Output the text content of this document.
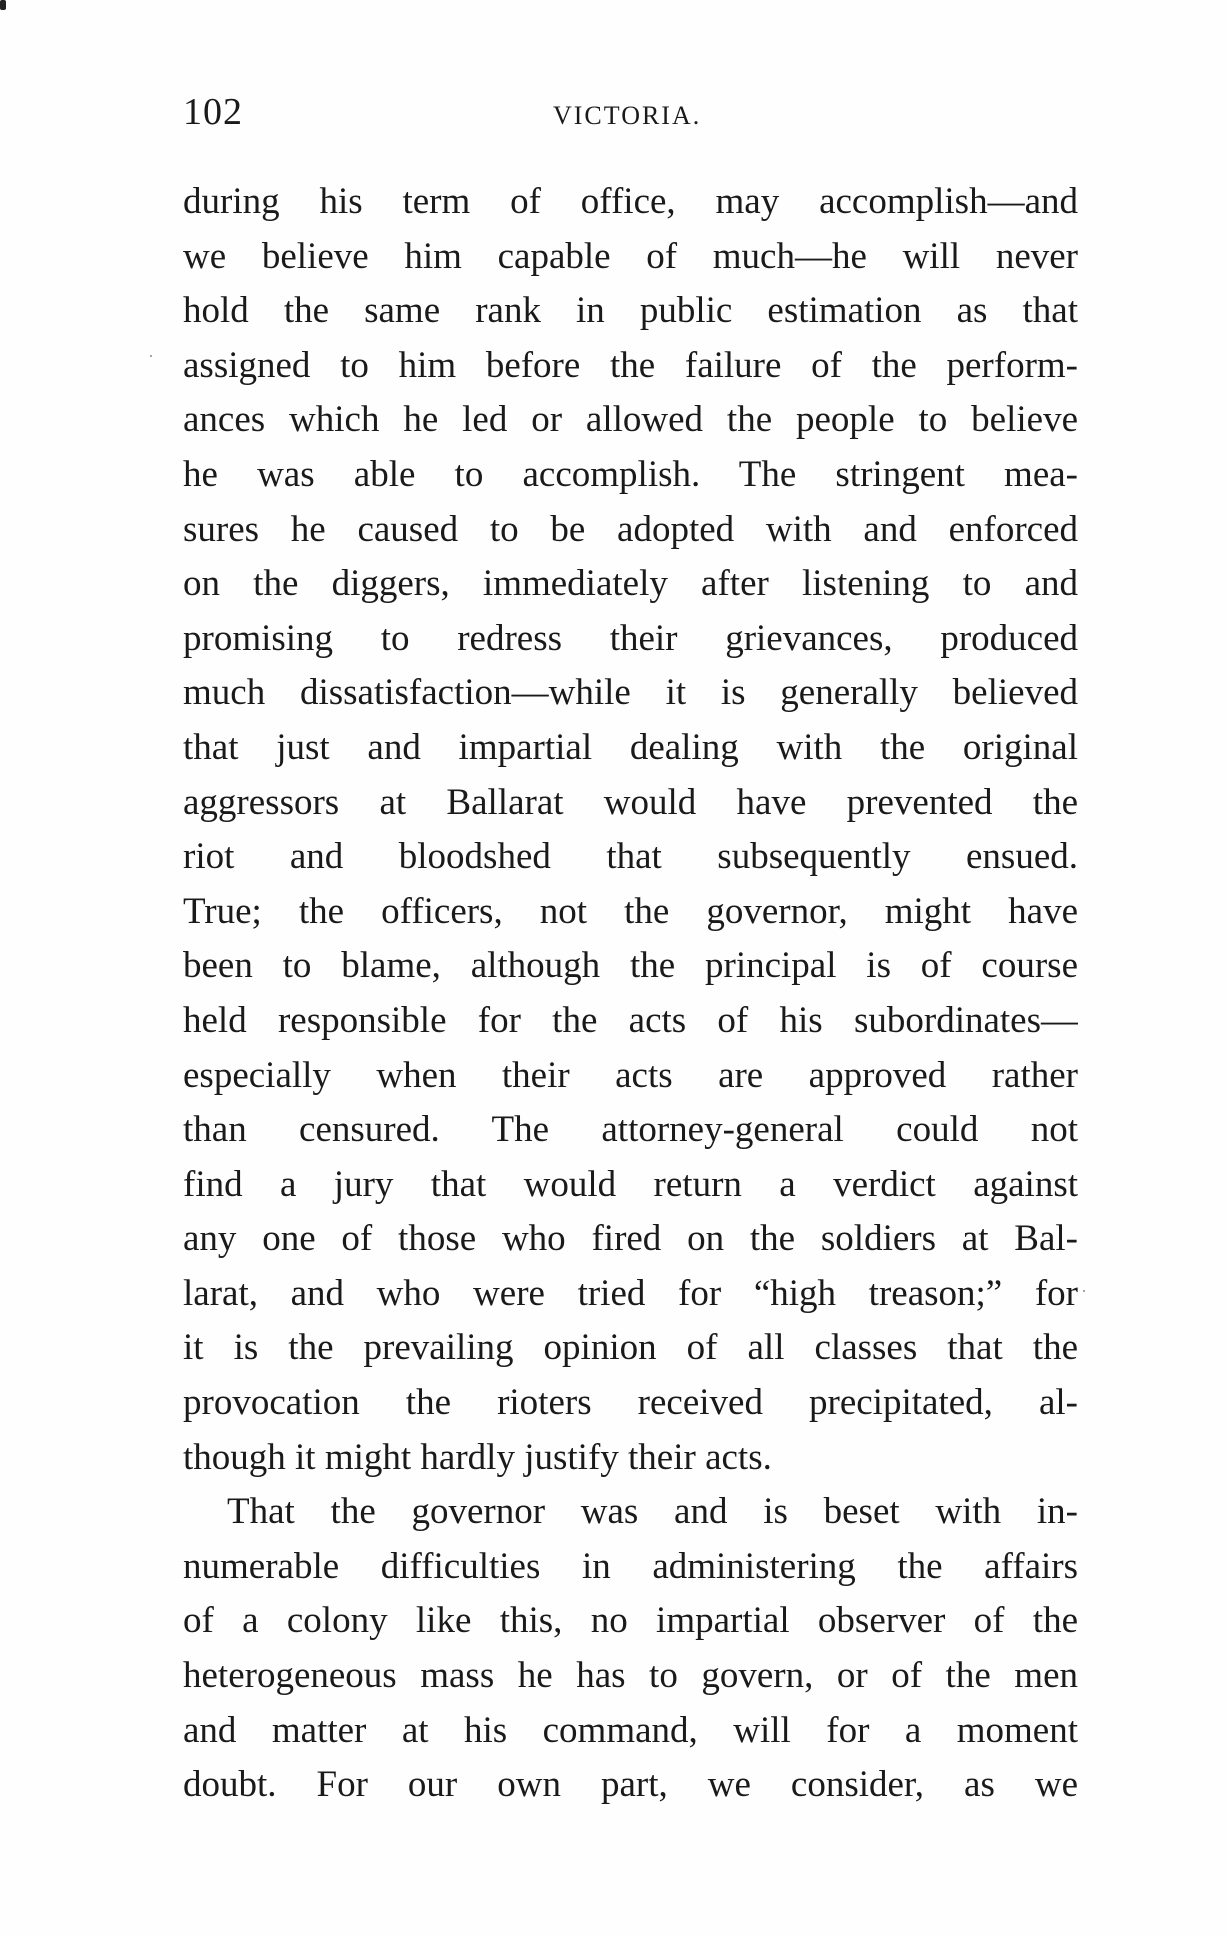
102	VICTORIA.
during his term of office, may accomplish—and
we believe him capable of much—he will never
hold the same rank in public estimation as that
assigned to him before the failure of the perform-
ances which he led or allowed the people to believe
he was able to accomplish. The stringent mea-
sures he caused to be adopted with and enforced
on the diggers, immediately after listening to and
promising to redress their grievances, produced
much dissatisfaction—while it is generally believed
that just and impartial dealing with the original
aggressors at Ballarat would have prevented the
riot and bloodshed that subsequently ensued.
True; the officers, not the governor, might have
been to blame, although the principal is of course
held responsible for the acts of his subordinates—
especially when their acts are approved rather
than censured. The attorney-general could not
find a jury that would return a verdict against
any one of those who fired on the soldiers at Bal-
larat, and who were tried for “high treason;” for
it is the prevailing opinion of all classes that the
provocation the rioters received precipitated, al-
though it might hardly justify their acts.
That the governor was and is beset with in-
numerable difficulties in administering the affairs
of a colony like this, no impartial observer of the
heterogeneous mass he has to govern, or of the men
and matter at his command, will for a moment
doubt. For our own part, we consider, as we
